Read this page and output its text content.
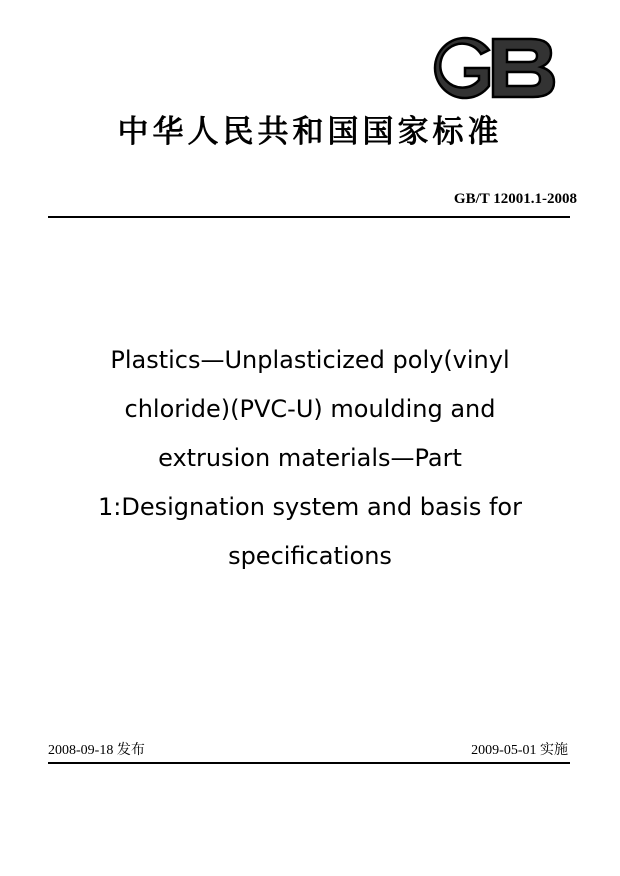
中华人民共和国国家标准
GB/T 12001.1-2008
Plastics—Unplasticized poly(vinyl
chloride)(PVC-U) moulding and
extrusion materials—Part
1:Designation system and basis for
specifications
2008-09-18 发布	2009-05-01 实施
